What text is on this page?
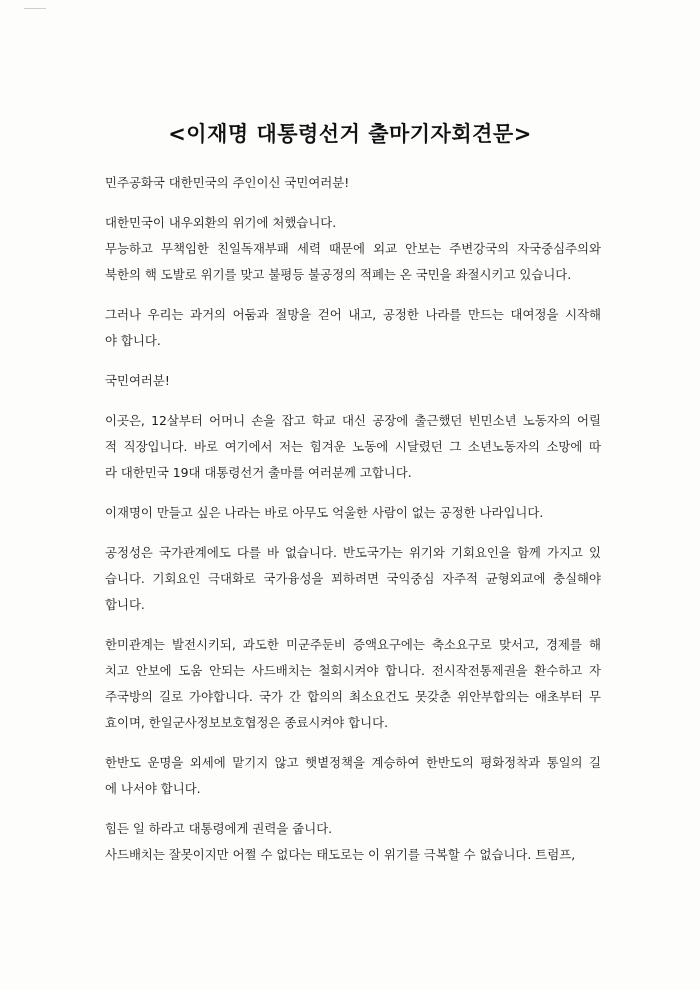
<이재명 대통령선거 출마기자회견문>
민주공화국 대한민국의 주인이신 국민여러분!
대한민국이 내우외환의 위기에 처했습니다.
무능하고 무책임한 친일독재부패 세력 때문에 외교 안보는 주변강국의 자국중심주의와
북한의 핵 도발로 위기를 맞고 불평등 불공정의 적폐는 온 국민을 좌절시키고 있습니다.
그러나 우리는 과거의 어둠과 절망을 걷어 내고, 공정한 나라를 만드는 대여정을 시작해
야 합니다.
국민여러분!
이곳은, 12살부터 어머니 손을 잡고 학교 대신 공장에 출근했던 빈민소년 노동자의 어릴
적 직장입니다. 바로 여기에서 저는 힘겨운 노동에 시달렸던 그 소년노동자의 소망에 따
라 대한민국 19대 대통령선거 출마를 여러분께 고합니다.
이재명이 만들고 싶은 나라는 바로 아무도 억울한 사람이 없는 공정한 나라입니다.
공정성은 국가관계에도 다를 바 없습니다. 반도국가는 위기와 기회요인을 함께 가지고 있
습니다. 기회요인 극대화로 국가융성을 꾀하려면 국익중심 자주적 균형외교에 충실해야
합니다.
한미관계는 발전시키되, 과도한 미군주둔비 증액요구에는 축소요구로 맞서고, 경제를 해
치고 안보에 도움 안되는 사드배치는 철회시켜야 합니다. 전시작전통제권을 환수하고 자
주국방의 길로 가야합니다. 국가 간 합의의 최소요건도 못갖춘 위안부합의는 애초부터 무
효이며, 한일군사정보보호협정은 종료시켜야 합니다.
한반도 운명을 외세에 맡기지 않고 햇볕정책을 계승하여 한반도의 평화정착과 통일의 길
에 나서야 합니다.
힘든 일 하라고 대통령에게 권력을 줍니다.
사드배치는 잘못이지만 어쩔 수 없다는 태도로는 이 위기를 극복할 수 없습니다. 트럼프,
